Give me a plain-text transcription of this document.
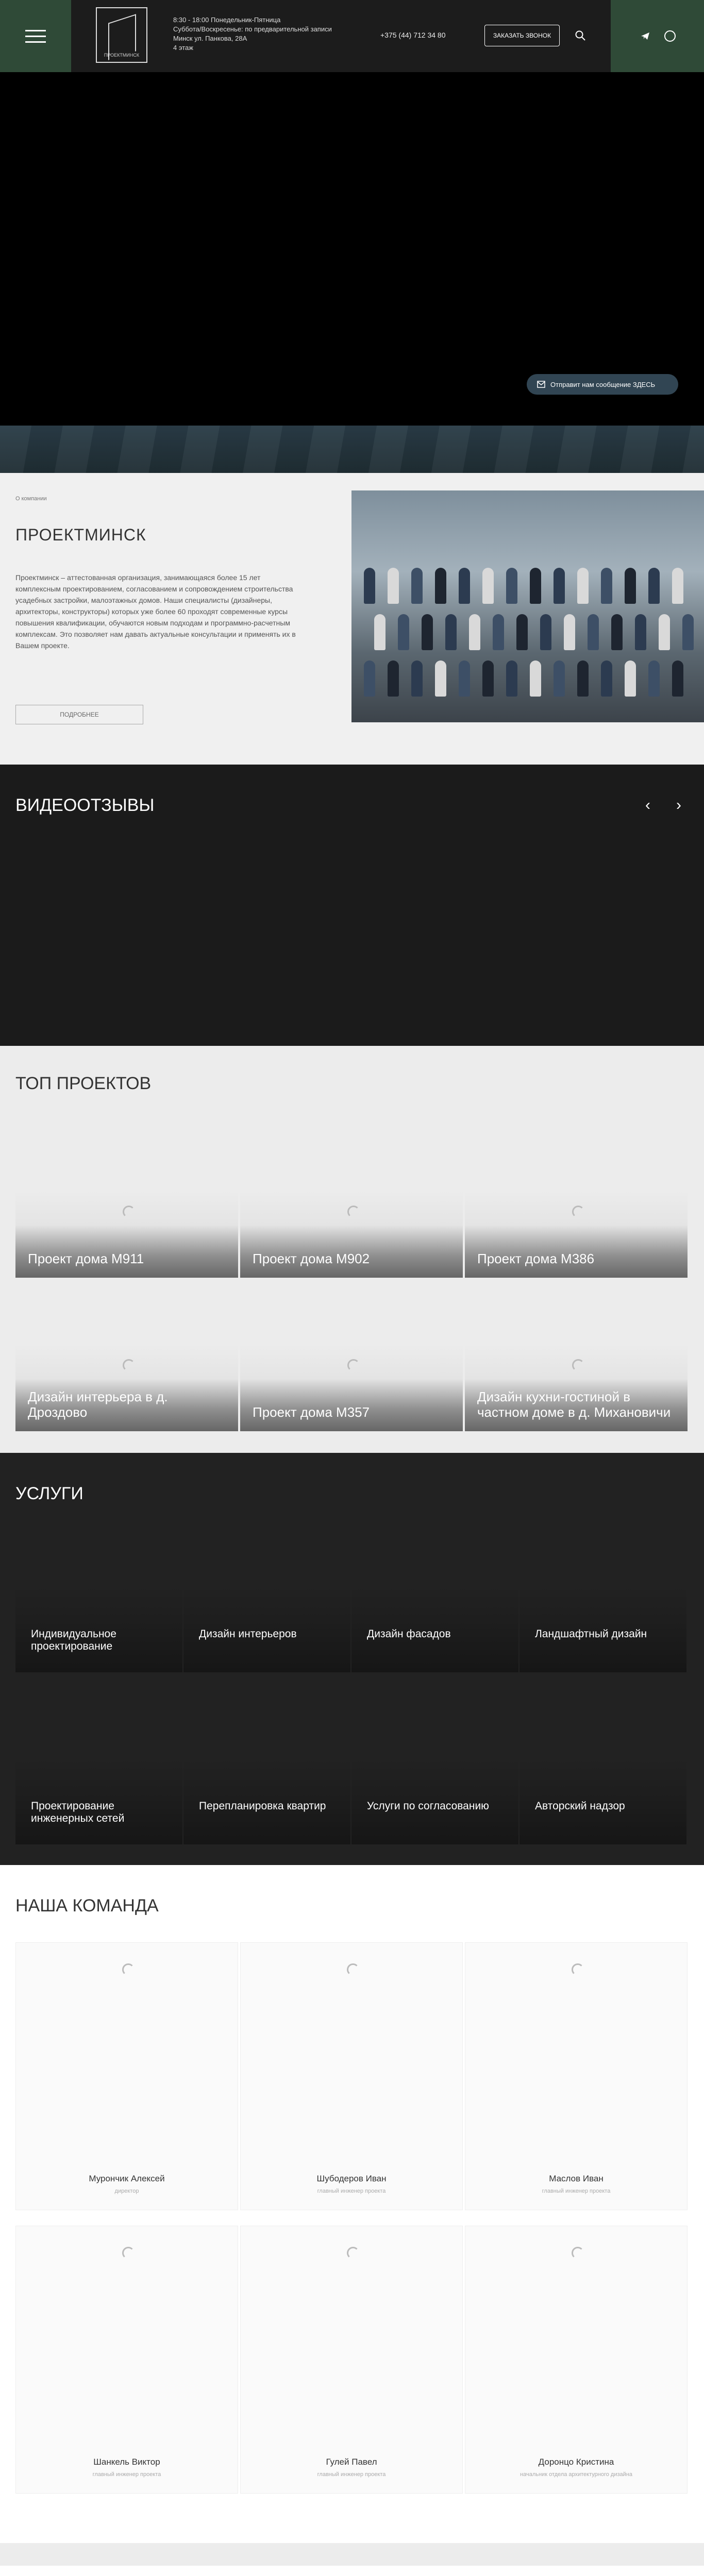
ПРОЕКТМИНСК
8:30 - 18:00 Понедельник-Пятница
Суббота/Воскресенье: по предварительной записи
Минск ул. Панкова, 28А
4 этаж
+375 (44) 712 34 80	ЗАКАЗАТЬ ЗВОНОК
Отправит нам сообщение ЗДЕСЬ
О компании
ПРОЕКТМИНСК
Проектминск – аттестованная организация, занимающаяся более 15 лет комплексным проектированием, согласованием и сопровождением строительства усадебных застройки, малоэтажных домов. Наши специалисты (дизайнеры, архитекторы, конструкторы) которых уже более 60 проходят современные курсы повышения квалификации, обучаются новым подходам и программно-расчетным комплексам. Это позволяет нам давать актуальные консультации и применять их в Вашем проекте.
ПОДРОБНЕЕ
ВИДЕООТЗЫВЫ	‹ ›
ТОП ПРОЕКТОВ
Проект дома М911	Проект дома М902	Проект дома М386
Дизайн интерьера в д. Дроздово	Проект дома М357
Дизайн кухни-гостиной в частном доме в д. Михановичи
УСЛУГИ
Индивидуальное проектирование
Дизайн интерьеров	Дизайн фасадов	Ландшафтный дизайн
Проектирование инженерных сетей
Перепланировка квартир	Услуги по согласованию	Авторский надзор
НАША КОМАНДА
Мурончик Алексей
директор
Шубодеров Иван
главный инженер проекта
Маслов Иван
главный инженер проекта
Шанкель Виктор
главный инженер проекта
Гулей Павел
главный инженер проекта
Доронцо Кристина
начальник отдела архитектурного дизайна
